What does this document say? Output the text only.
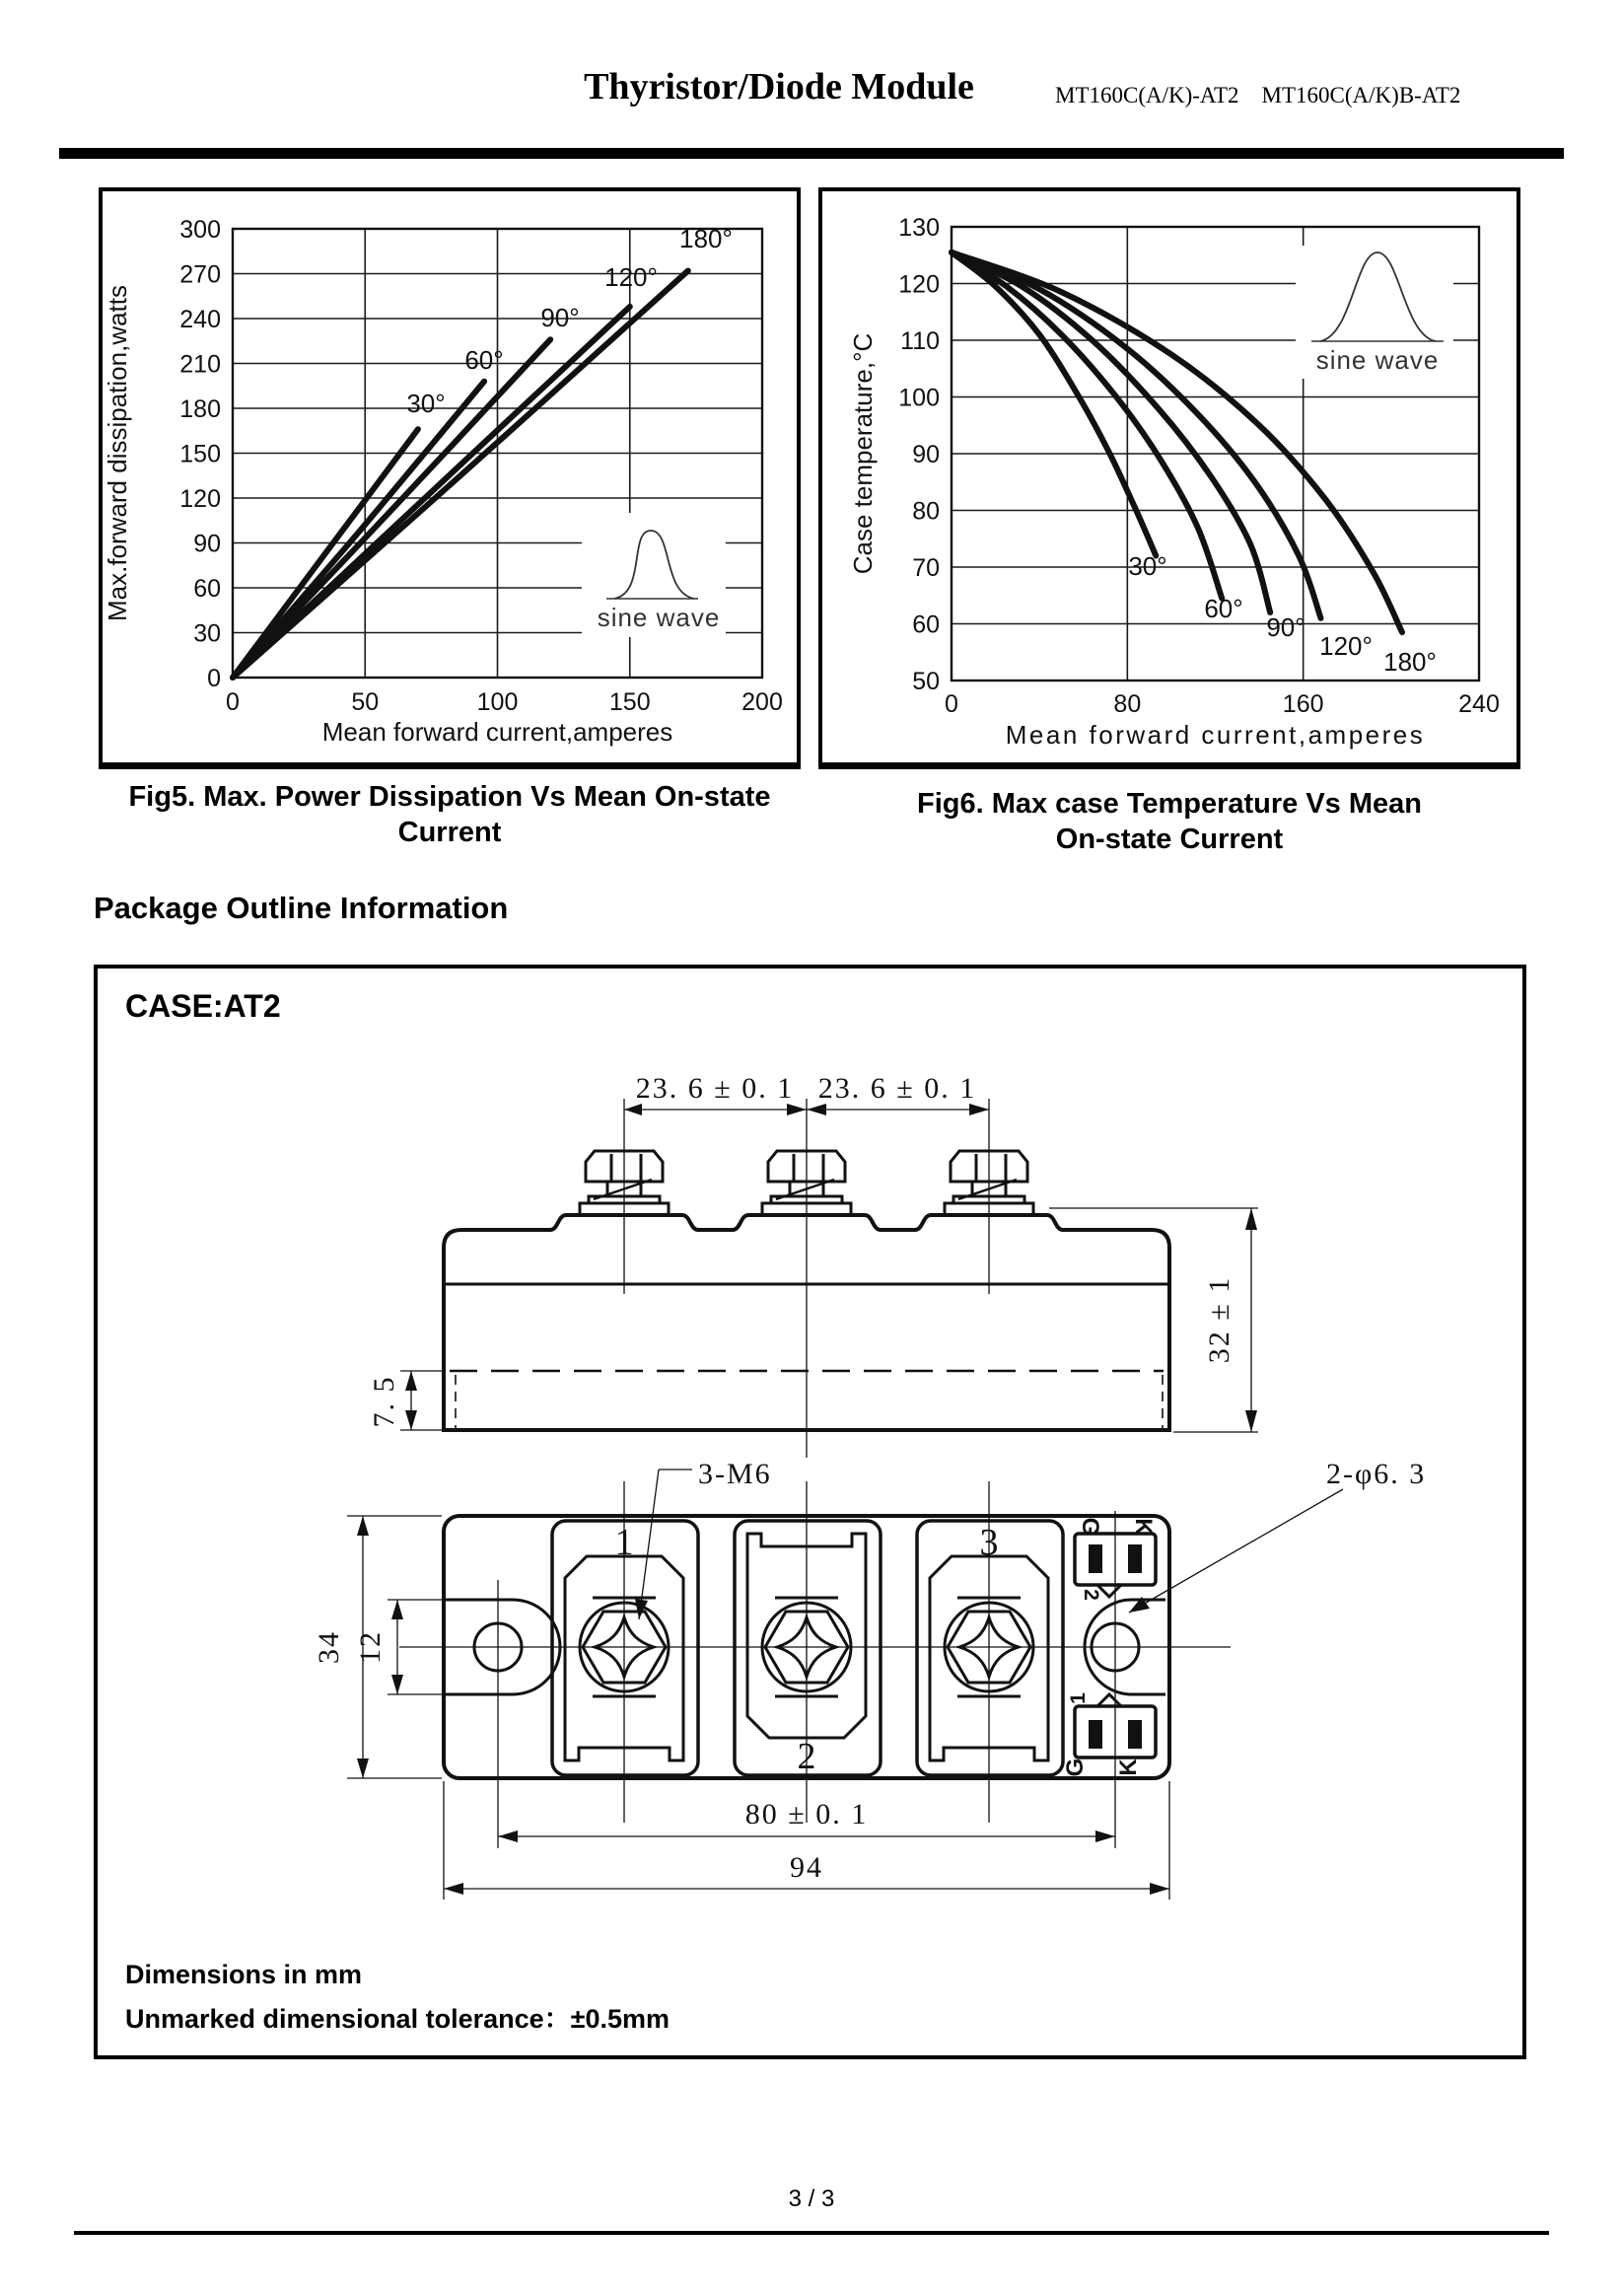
Thyristor/Diode Module	MT160C(A/K)-AT2 MT160C(A/K)B-AT2
sine wave
30°
60°
90°
120°
180°
0
30
60
90
120
150
180
210
240
270
300
0	50	100	150	200
Mean forward current,amperes
Max.forward dissipation,watts	sine wave
30°
60°
90°
120°
180°
50
60
70
80
90
100
110
120
130
0	80	160	240
Mean forward current,amperes
Case temperature,°C
Fig5. Max. Power Dissipation Vs Mean On-state
Current
Fig6. Max case Temperature Vs Mean
On-state Current
Package Outline Information
23. 6 ± 0. 1 23. 6 ± 0. 1
32 ± 1
7. 5
34 12
3-M6	2-φ6. 3
80 ± 0. 1
94
1
2
3	G K
2
G K
1
CASE:AT2
Dimensions in mm
Unmarked dimensional tolerance：±0.5mm
3 / 3
